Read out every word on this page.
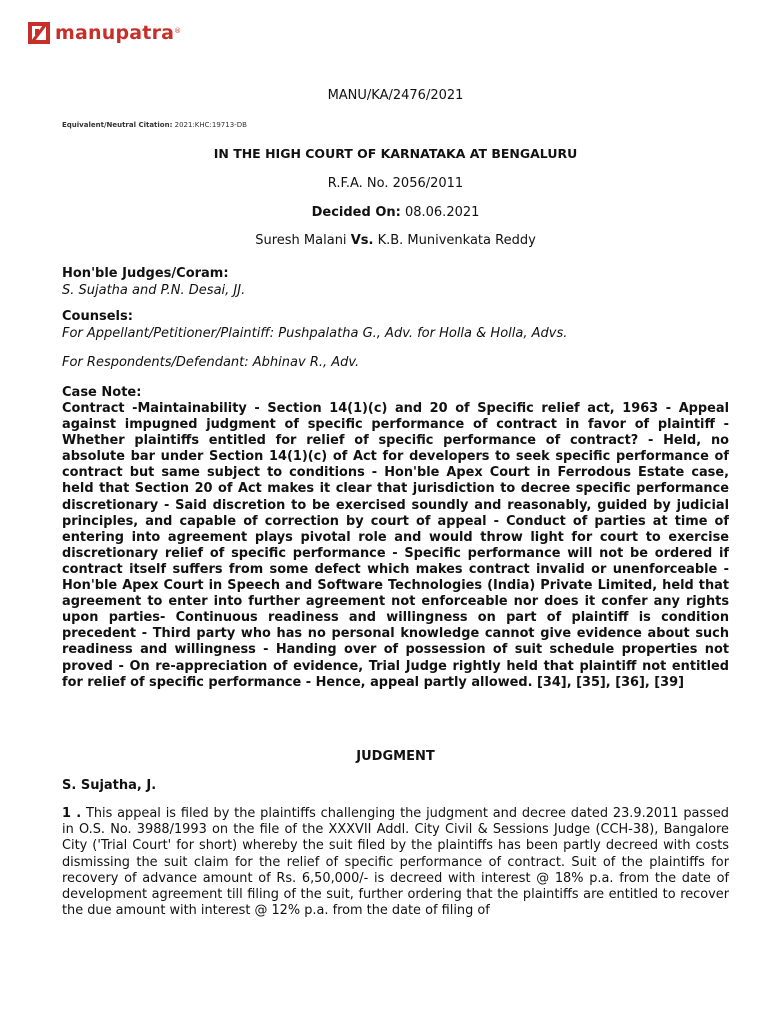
manupatra ®
MANU/KA/2476/2021
Equivalent/Neutral Citation: 2021:KHC:19713-DB
IN THE HIGH COURT OF KARNATAKA AT BENGALURU
R.F.A. No. 2056/2011
Decided On: 08.06.2021
Suresh Malani Vs. K.B. Munivenkata Reddy
Hon'ble Judges/Coram:
S. Sujatha and P.N. Desai, JJ.
Counsels:
For Appellant/Petitioner/Plaintiff: Pushpalatha G., Adv. for Holla & Holla, Advs.
For Respondents/Defendant: Abhinav R., Adv.
Case Note:

Contract -Maintainability - Section 14(1)(c) and 20 of Specific relief act, 1963 - Appeal against impugned judgment of specific performance of contract in favor of plaintiff - Whether plaintiffs entitled for relief of specific performance of contract? - Held, no absolute bar under Section 14(1)(c) of Act for developers to seek specific performance of contract but same subject to conditions - Hon'ble Apex Court in Ferrodous Estate case, held that Section 20 of Act makes it clear that jurisdiction to decree specific performance discretionary - Said discretion to be exercised soundly and reasonably, guided by judicial principles, and capable of correction by court of appeal - Conduct of parties at time of entering into agreement plays pivotal role and would throw light for court to exercise discretionary relief of specific performance - Specific performance will not be ordered if contract itself suffers from some defect which makes contract invalid or unenforceable - Hon'ble Apex Court in Speech and Software Technologies (India) Private Limited, held that agreement to enter into further agreement not enforceable nor does it confer any rights upon parties- Continuous readiness and willingness on part of plaintiff is condition precedent - Third party who has no personal knowledge cannot give evidence about such readiness and willingness - Handing over of possession of suit schedule properties not proved - On re-appreciation of evidence, Trial Judge rightly held that plaintiff not entitled for relief of specific performance - Hence, appeal partly allowed. [34], [35], [36], [39]

JUDGMENT
S. Sujatha, J.

1 . This appeal is filed by the plaintiffs challenging the judgment and decree dated 23.9.2011 passed in O.S. No. 3988/1993 on the file of the XXXVII Addl. City Civil & Sessions Judge (CCH-38), Bangalore City ('Trial Court' for short) whereby the suit filed by the plaintiffs has been partly decreed with costs dismissing the suit claim for the relief of specific performance of contract. Suit of the plaintiffs for recovery of advance amount of Rs. 6,50,000/- is decreed with interest @ 18% p.a. from the date of development agreement till filing of the suit, further ordering that the plaintiffs are entitled to recover the due amount with interest @ 12% p.a. from the date of filing of
